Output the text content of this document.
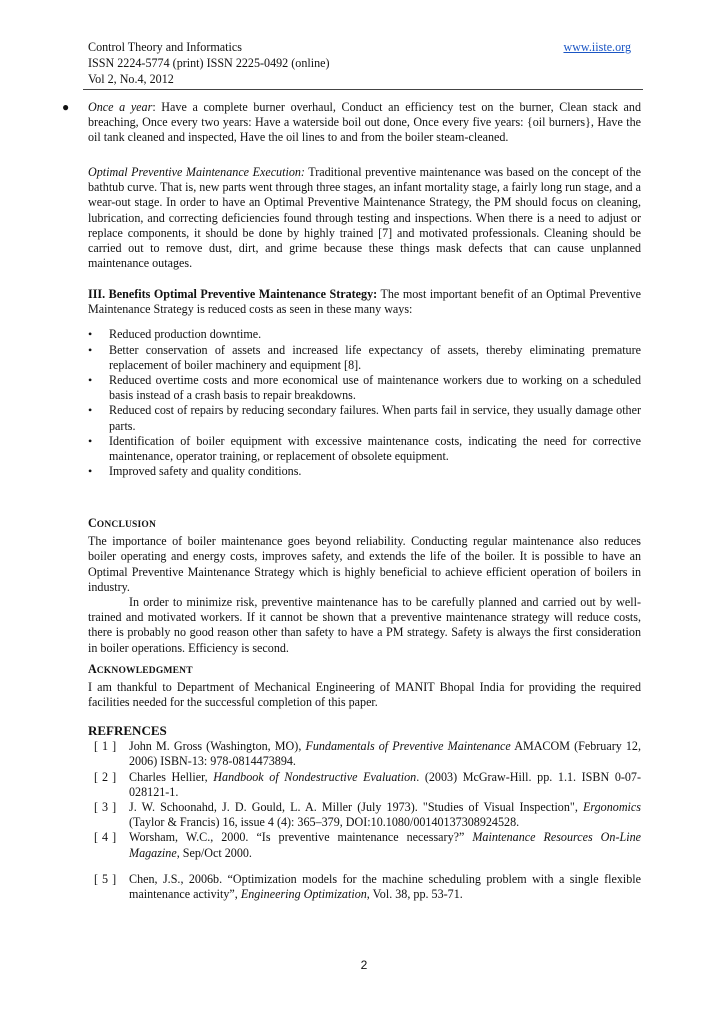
Control Theory and Informatics	www.iiste.org
ISSN 2224-5774 (print) ISSN 2225-0492 (online)
Vol 2, No.4, 2012
● Once a year: Have a complete burner overhaul, Conduct an efficiency test on the burner, Clean stack and breaching, Once every two years: Have a waterside boil out done, Once every five years: {oil burners}, Have the oil tank cleaned and inspected, Have the oil lines to and from the boiler steam-cleaned.

Optimal Preventive Maintenance Execution: Traditional preventive maintenance was based on the concept of the bathtub curve. That is, new parts went through three stages, an infant mortality stage, a fairly long run stage, and a wear-out stage. In order to have an Optimal Preventive Maintenance Strategy, the PM should focus on cleaning, lubrication, and correcting deficiencies found through testing and inspections. When there is a need to adjust or replace components, it should be done by highly trained [7] and motivated professionals. Cleaning should be carried out to remove dust, dirt, and grime because these things mask defects that can cause unplanned maintenance outages.

III. Benefits Optimal Preventive Maintenance Strategy: The most important benefit of an Optimal Preventive Maintenance Strategy is reduced costs as seen in these many ways:

• Reduced production downtime.
• Better conservation of assets and increased life expectancy of assets, thereby eliminating premature replacement of boiler machinery and equipment [8].
• Reduced overtime costs and more economical use of maintenance workers due to working on a scheduled basis instead of a crash basis to repair breakdowns.
• Reduced cost of repairs by reducing secondary failures. When parts fail in service, they usually damage other parts.
• Identification of boiler equipment with excessive maintenance costs, indicating the need for corrective maintenance, operator training, or replacement of obsolete equipment.
• Improved safety and quality conditions.
CONCLUSION

The importance of boiler maintenance goes beyond reliability. Conducting regular maintenance also reduces boiler operating and energy costs, improves safety, and extends the life of the boiler. It is possible to have an Optimal Preventive Maintenance Strategy which is highly beneficial to achieve efficient operation of boilers in industry.

In order to minimize risk, preventive maintenance has to be carefully planned and carried out by well-trained and motivated workers. If it cannot be shown that a preventive maintenance strategy will reduce costs, there is probably no good reason other than safety to have a PM strategy. Safety is always the first consideration in boiler operations. Efficiency is second.

ACKNOWLEDGMENT

I am thankful to Department of Mechanical Engineering of MANIT Bhopal India for providing the required facilities needed for the successful completion of this paper.

REFRENCES
[ 1 ] John M. Gross (Washington, MO), Fundamentals of Preventive Maintenance AMACOM (February 12, 2006) ISBN-13: 978-0814473894.
[ 2 ] Charles Hellier, Handbook of Nondestructive Evaluation. (2003) McGraw-Hill. pp. 1.1. ISBN 0-07-028121-1.
[ 3 ] J. W. Schoonahd, J. D. Gould, L. A. Miller (July 1973). "Studies of Visual Inspection", Ergonomics (Taylor & Francis) 16, issue 4 (4): 365–379, DOI:10.1080/00140137308924528.
[ 4 ] Worsham, W.C., 2000. “Is preventive maintenance necessary?” Maintenance Resources On-Line Magazine, Sep/Oct 2000.
[ 5 ] Chen, J.S., 2006b. “Optimization models for the machine scheduling problem with a single flexible maintenance activity”, Engineering Optimization, Vol. 38, pp. 53-71.
2
